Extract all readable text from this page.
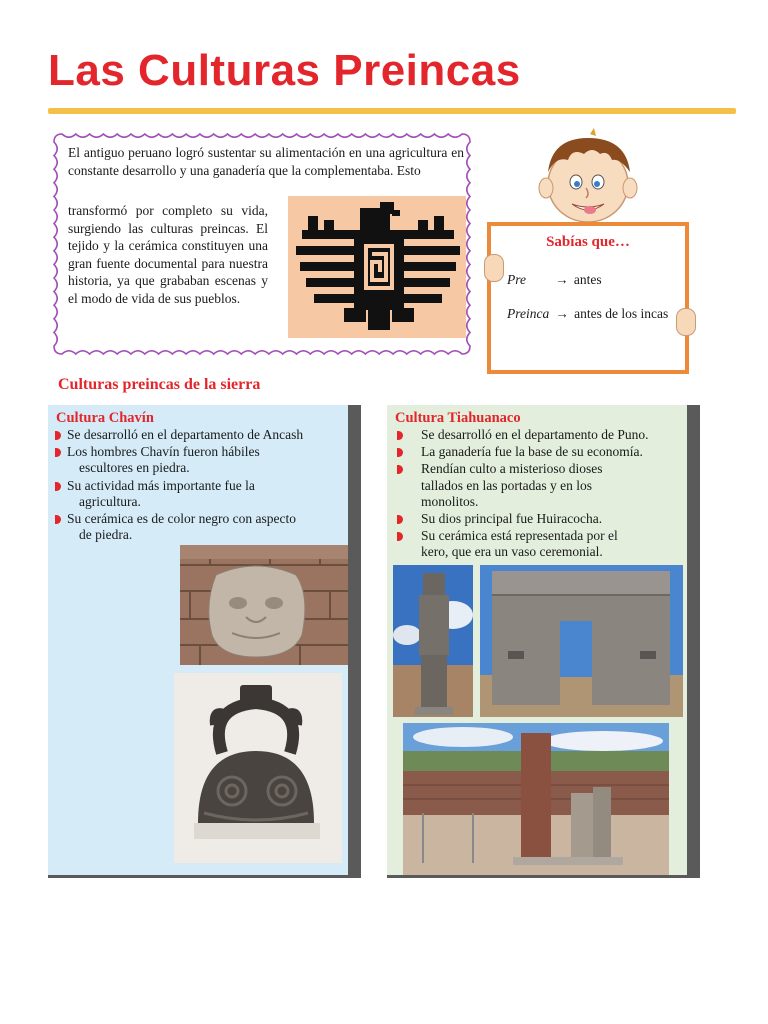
Las Culturas Preincas

El antiguo peruano logró sustentar su alimentación en una agricultura en constante desarrollo y una ganadería que la complementaba. Esto

transformó por completo su vida, surgiendo las culturas preincas. El tejido y la cerámica constituyen una gran fuente documental para nuestra historia, ya que grababan escenas y el modo de vida de sus pueblos.

Sabías que…
Pre → antes
Preinca → antes de los incas
Culturas preincas de la sierra
Cultura Chavín
Se desarrolló en el departamento de Ancash
Los hombres Chavín fueron hábiles
escultores en piedra.
Su actividad más importante fue la
agricultura.
Su cerámica es de color negro con aspecto
de piedra.
Cultura Tiahuanaco
Se desarrolló en el departamento de Puno.
La ganadería fue la base de su economía.
Rendían culto a misterioso dioses
tallados en las portadas y en los
monolitos.
Su dios principal fue Huiracocha.
Su cerámica está representada por el
kero, que era un vaso ceremonial.
